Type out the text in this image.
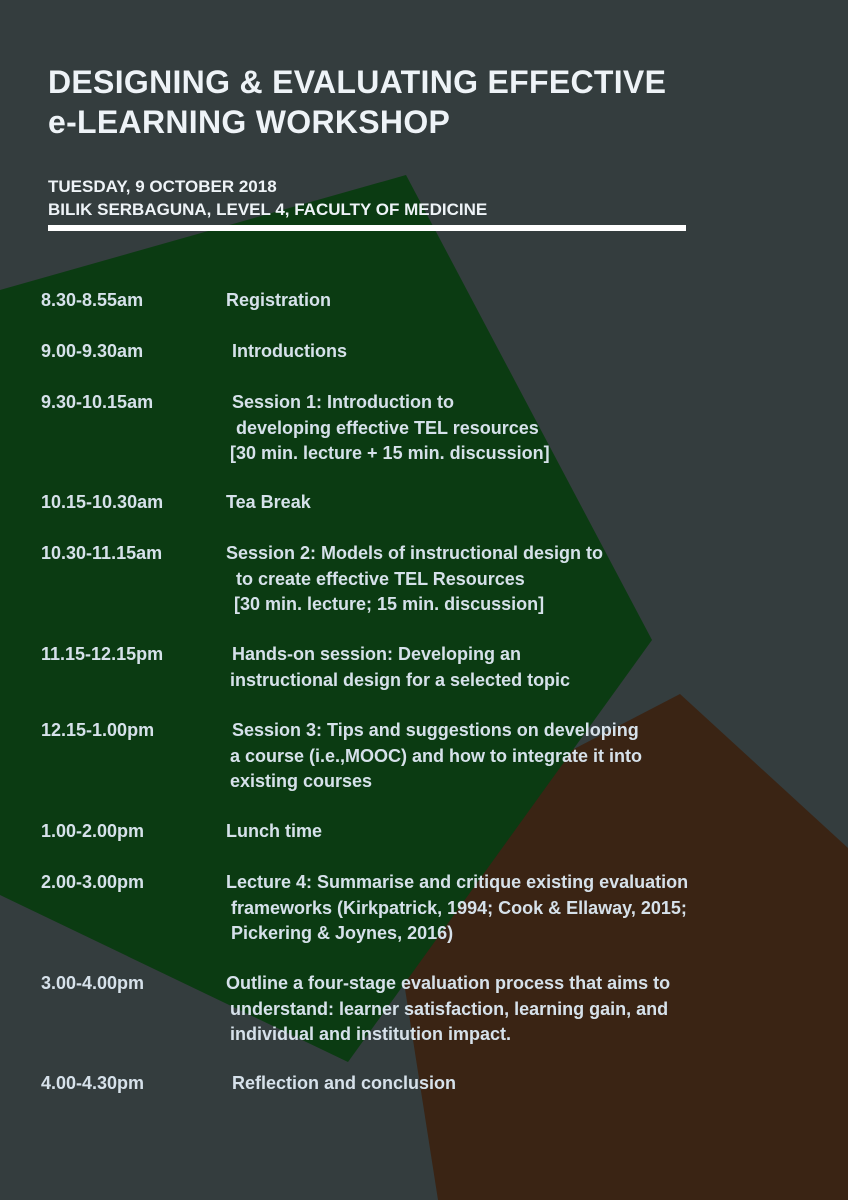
DESIGNING & EVALUATING EFFECTIVE
e-LEARNING WORKSHOP
TUESDAY, 9 OCTOBER 2018
BILIK SERBAGUNA, LEVEL 4, FACULTY OF MEDICINE
8.30-8.55am	Registration
9.00-9.30am	Introductions
9.30-10.15am	Session 1: Introduction to
developing effective TEL resources
[30 min. lecture + 15 min. discussion]
10.15-10.30am	Tea Break
10.30-11.15am	Session 2: Models of instructional design to
to create effective TEL Resources
[30 min. lecture; 15 min. discussion]
11.15-12.15pm	Hands-on session: Developing an
instructional design for a selected topic
12.15-1.00pm	Session 3: Tips and suggestions on developing
a course (i.e.,MOOC) and how to integrate it into
existing courses
1.00-2.00pm	Lunch time
2.00-3.00pm	Lecture 4: Summarise and critique existing evaluation
frameworks (Kirkpatrick, 1994; Cook & Ellaway, 2015;
Pickering & Joynes, 2016)
3.00-4.00pm	Outline a four-stage evaluation process that aims to
understand: learner satisfaction, learning gain, and
individual and institution impact.
4.00-4.30pm	Reflection and conclusion
